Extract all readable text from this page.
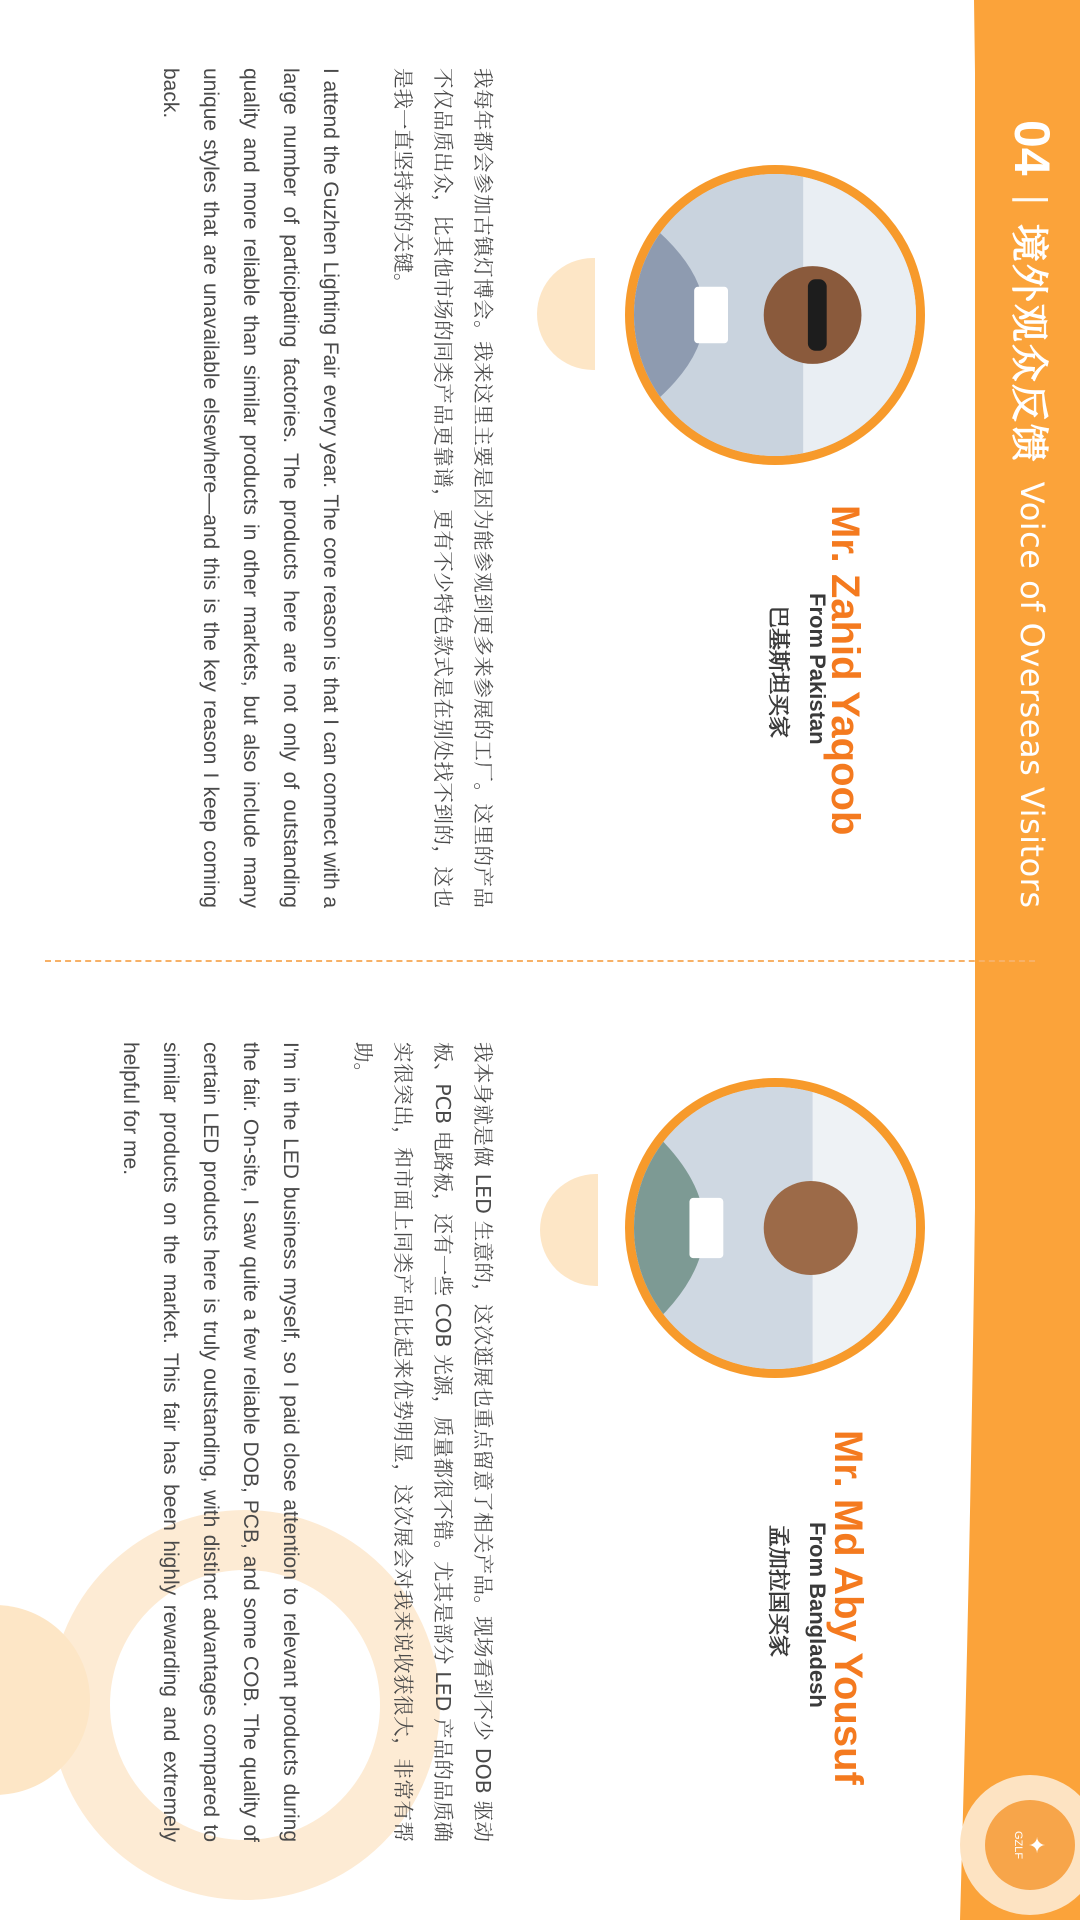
04
|
境外观众反馈
Voice of Overseas Visitors
✦
GZLF
Mr. Zahid Yaqoob
From Pakistan
巴基斯坦买家
我每年都会参加古镇灯博会。我来这里主要是因为能参观到更多来参展的工厂。这里的产品不仅品质出众，比其他市场的同类产品更靠谱，更有不少特色款式是在别处找不到的，这也是我一直坚持来的关键。
I attend the Guzhen Lighting Fair every year. The core reason is that I can connect with a large number of participating factories. The products here are not only of outstanding quality and more reliable than similar products in other markets, but also include many unique styles that are unavailable elsewhere—and this is the key reason I keep coming back.
Mr. Md Aby Yousuf
From Bangladesh
孟加拉国买家
我本身就是做 LED 生意的，这次逛展也重点留意了相关产品。现场看到不少 DOB 驱动板、PCB 电路板，还有一些 COB 光源，质量都很不错。尤其是部分 LED 产品的品质确实很突出，和市面上同类产品比起来优势明显，这次展会对我来说收获很大，非常有帮助。
I'm in the LED business myself, so I paid close attention to relevant products during the fair. On-site, I saw quite a few reliable DOB, PCB, and some COB. The quality of certain LED products here is truly outstanding, with distinct advantages compared to similar products on the market. This fair has been highly rewarding and extremely helpful for me.
